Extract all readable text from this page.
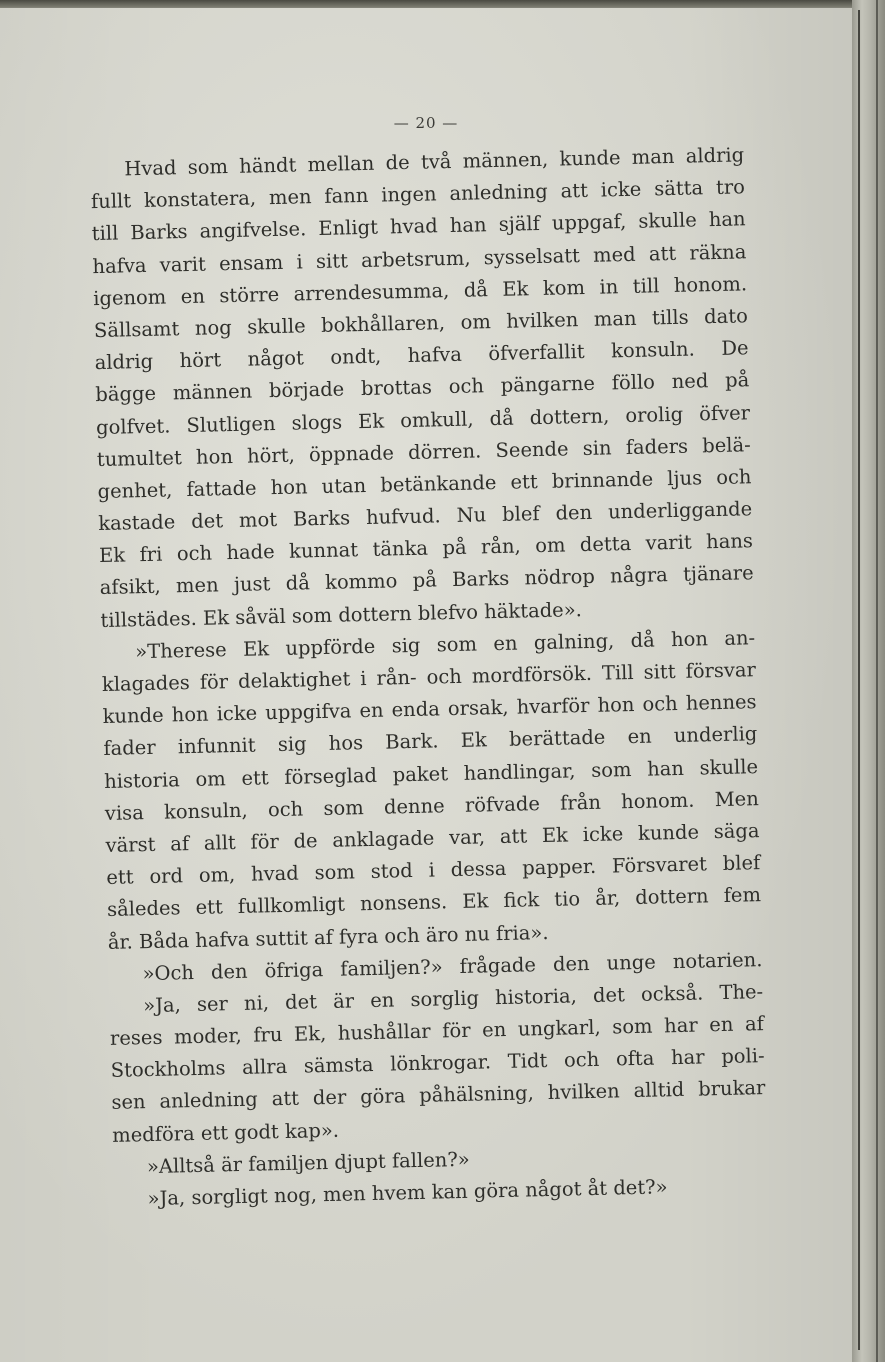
— 20 —

Hvad som händt mellan de två männen, kunde man aldrig
fullt konstatera, men fann ingen anledning att icke sätta tro
till Barks angifvelse. Enligt hvad han själf uppgaf, skulle han
hafva varit ensam i sitt arbetsrum, sysselsatt med att räkna
igenom en större arrendesumma, då Ek kom in till honom.
Sällsamt nog skulle bokhållaren, om hvilken man tills dato
aldrig hört något ondt, hafva öfverfallit konsuln. De
bägge männen började brottas och pängarne föllo ned på
golfvet. Slutligen slogs Ek omkull, då dottern, orolig öfver
tumultet hon hört, öppnade dörren. Seende sin faders belä-
genhet, fattade hon utan betänkande ett brinnande ljus och
kastade det mot Barks hufvud. Nu blef den underliggande
Ek fri och hade kunnat tänka på rån, om detta varit hans
afsikt, men just då kommo på Barks nödrop några tjänare
tillstädes. Ek såväl som dottern blefvo häktade».
»Therese Ek uppförde sig som en galning, då hon an-
klagades för delaktighet i rån- och mordförsök. Till sitt försvar
kunde hon icke uppgifva en enda orsak, hvarför hon och hennes
fader infunnit sig hos Bark. Ek berättade en underlig
historia om ett förseglad paket handlingar, som han skulle
visa konsuln, och som denne röfvade från honom. Men
värst af allt för de anklagade var, att Ek icke kunde säga
ett ord om, hvad som stod i dessa papper. Försvaret blef
således ett fullkomligt nonsens. Ek fick tio år, dottern fem
år. Båda hafva suttit af fyra och äro nu fria».
»Och den öfriga familjen?» frågade den unge notarien.
»Ja, ser ni, det är en sorglig historia, det också. The-
reses moder, fru Ek, hushållar för en ungkarl, som har en af
Stockholms allra sämsta lönkrogar. Tidt och ofta har poli-
sen anledning att der göra påhälsning, hvilken alltid brukar
medföra ett godt kap».
»Alltså är familjen djupt fallen?»
»Ja, sorgligt nog, men hvem kan göra något åt det?»
